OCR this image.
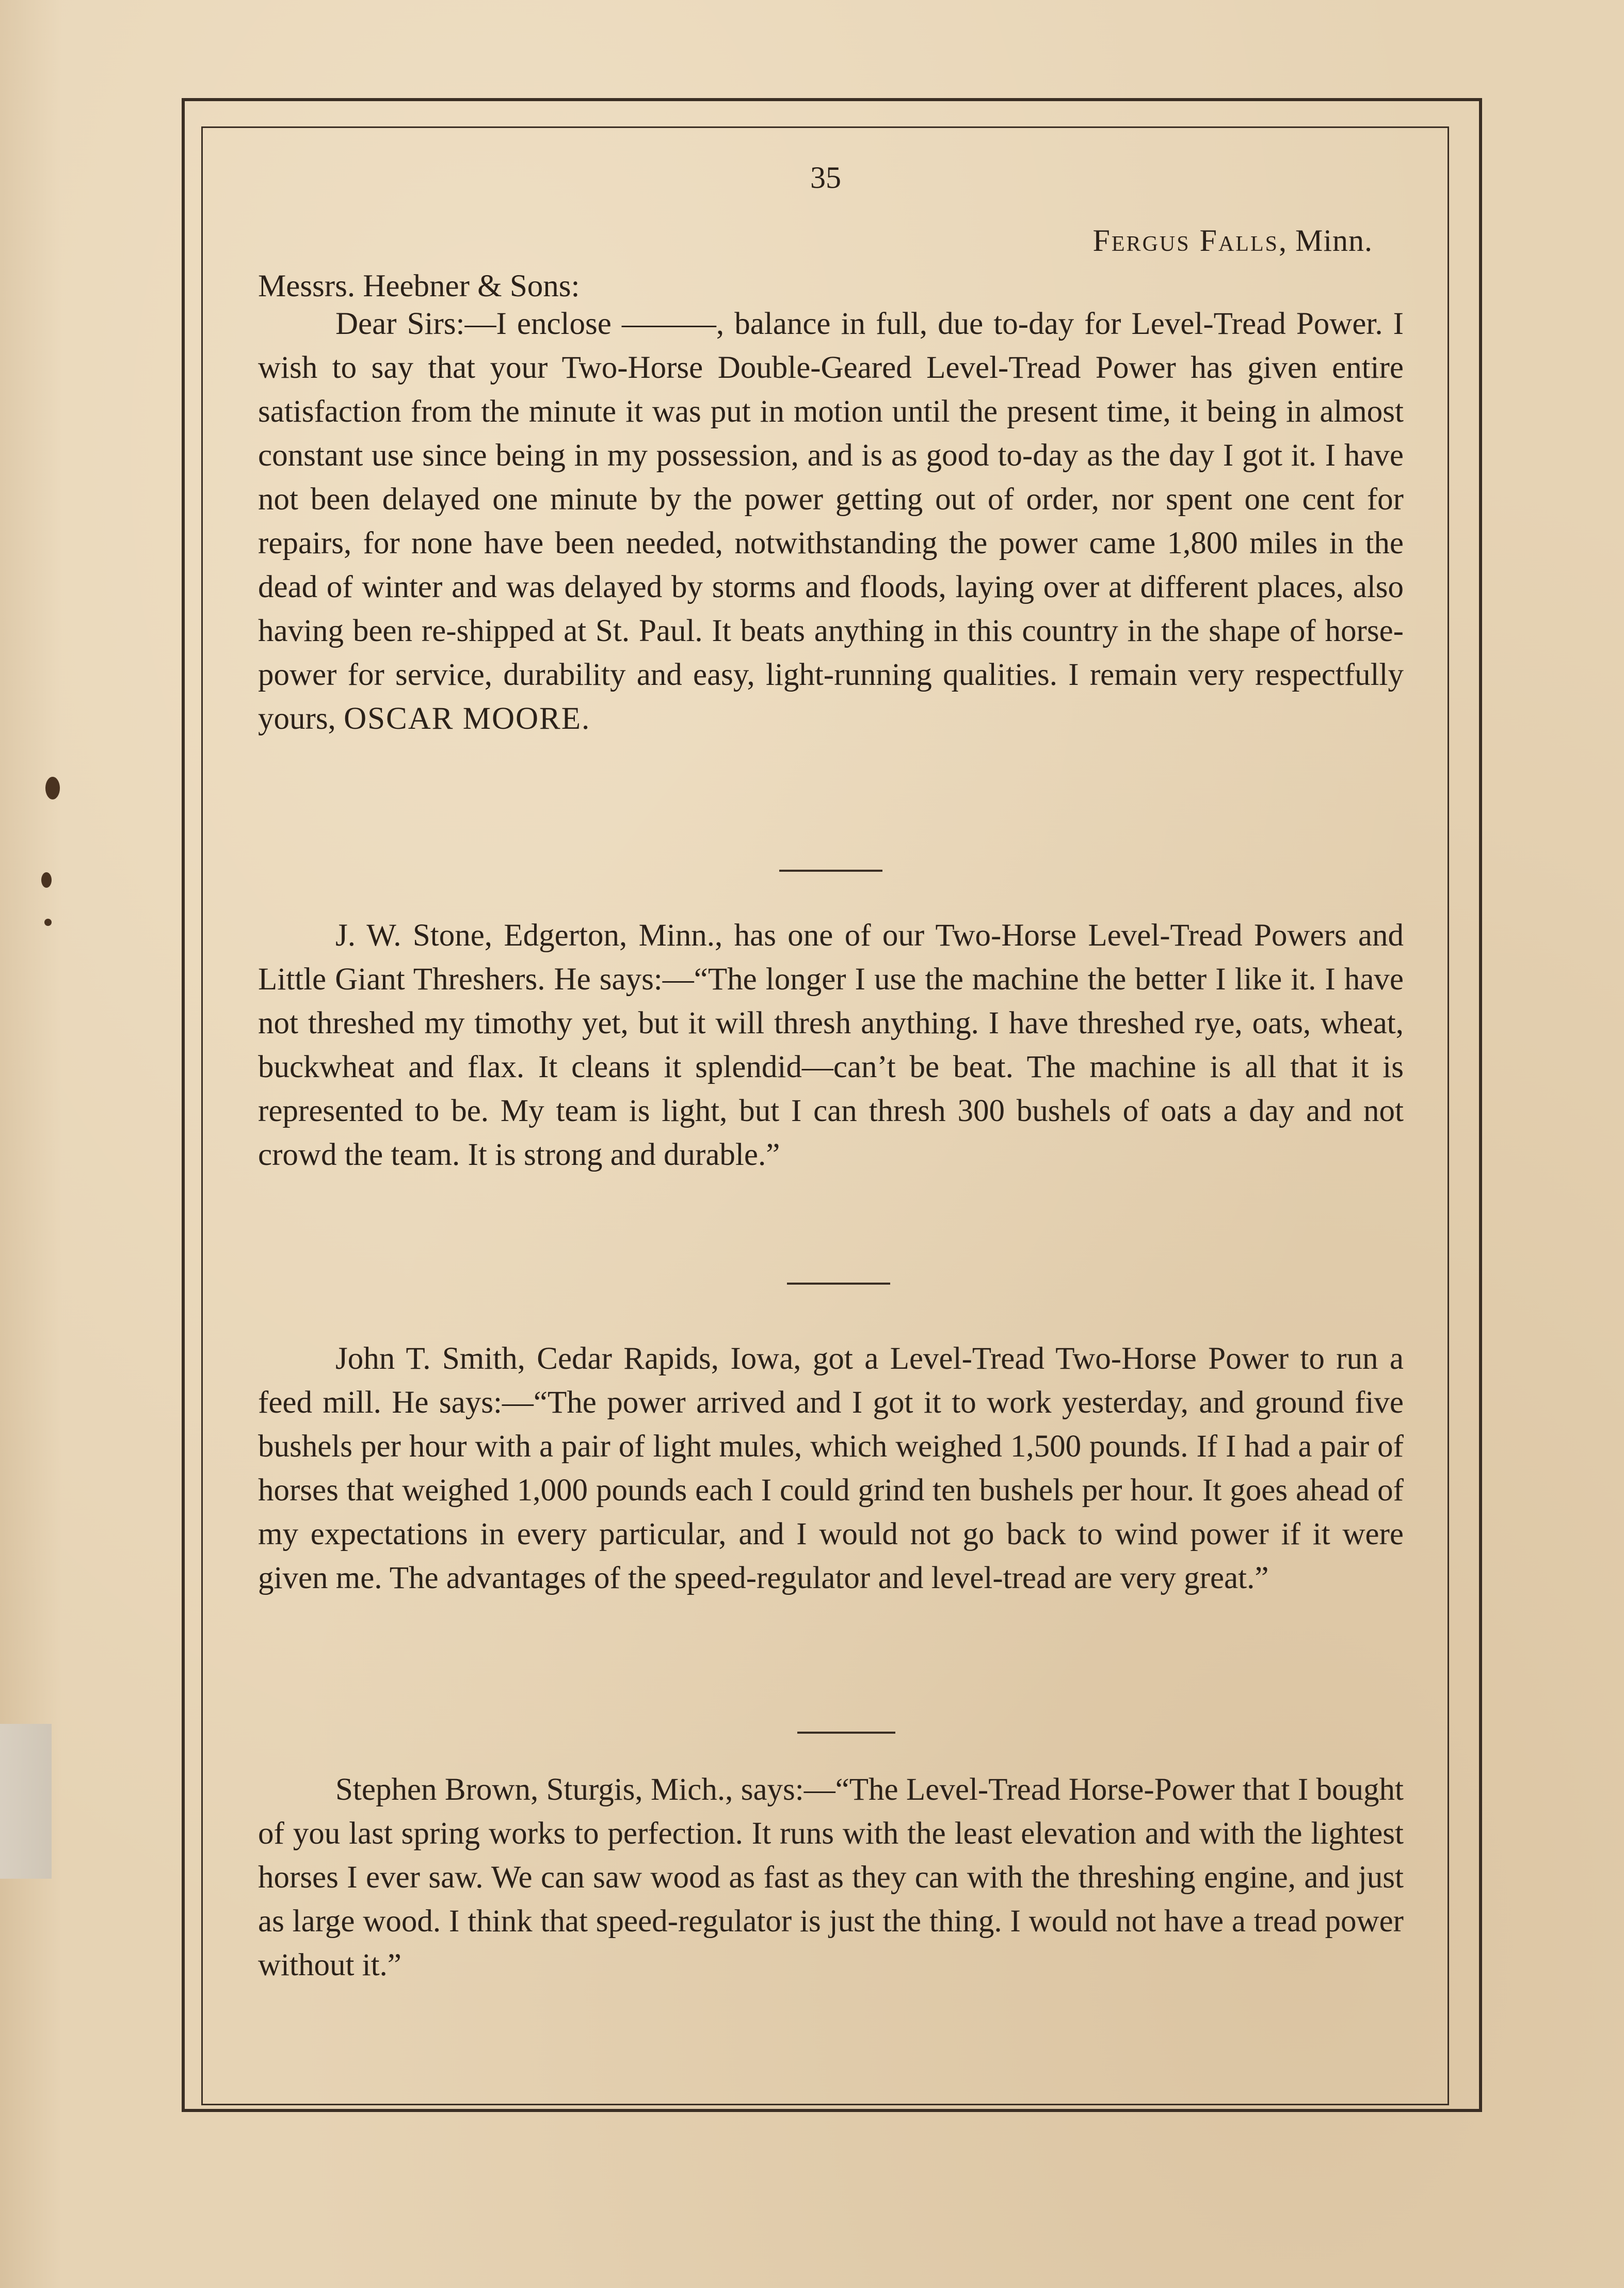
35
Fergus Falls, Minn.
Messrs. Heebner & Sons:
Dear Sirs:—I enclose ———, balance in full, due to-day for Level-Tread Power. I wish to say that your Two-Horse Double-Geared Level-Tread Power has given entire satisfaction from the minute it was put in motion until the present time, it being in almost constant use since being in my possession, and is as good to-day as the day I got it. I have not been delayed one minute by the power getting out of order, nor spent one cent for repairs, for none have been needed, notwithstanding the power came 1,800 miles in the dead of winter and was delayed by storms and floods, laying over at different places, also having been re-shipped at St. Paul. It beats anything in this country in the shape of horse-power for service, durability and easy, light-running qualities. I remain very respectfully yours, OSCAR MOORE.
J. W. Stone, Edgerton, Minn., has one of our Two-Horse Level-Tread Powers and Little Giant Threshers. He says:—“The longer I use the machine the better I like it. I have not threshed my timothy yet, but it will thresh anything. I have threshed rye, oats, wheat, buckwheat and flax. It cleans it splendid—can’t be beat. The machine is all that it is represented to be. My team is light, but I can thresh 300 bushels of oats a day and not crowd the team. It is strong and durable.”
John T. Smith, Cedar Rapids, Iowa, got a Level-Tread Two-Horse Power to run a feed mill. He says:—“The power arrived and I got it to work yesterday, and ground five bushels per hour with a pair of light mules, which weighed 1,500 pounds. If I had a pair of horses that weighed 1,000 pounds each I could grind ten bushels per hour. It goes ahead of my expectations in every particular, and I would not go back to wind power if it were given me. The advantages of the speed-regulator and level-tread are very great.”
Stephen Brown, Sturgis, Mich., says:—“The Level-Tread Horse-Power that I bought of you last spring works to perfection. It runs with the least elevation and with the lightest horses I ever saw. We can saw wood as fast as they can with the threshing engine, and just as large wood. I think that speed-regulator is just the thing. I would not have a tread power without it.”
